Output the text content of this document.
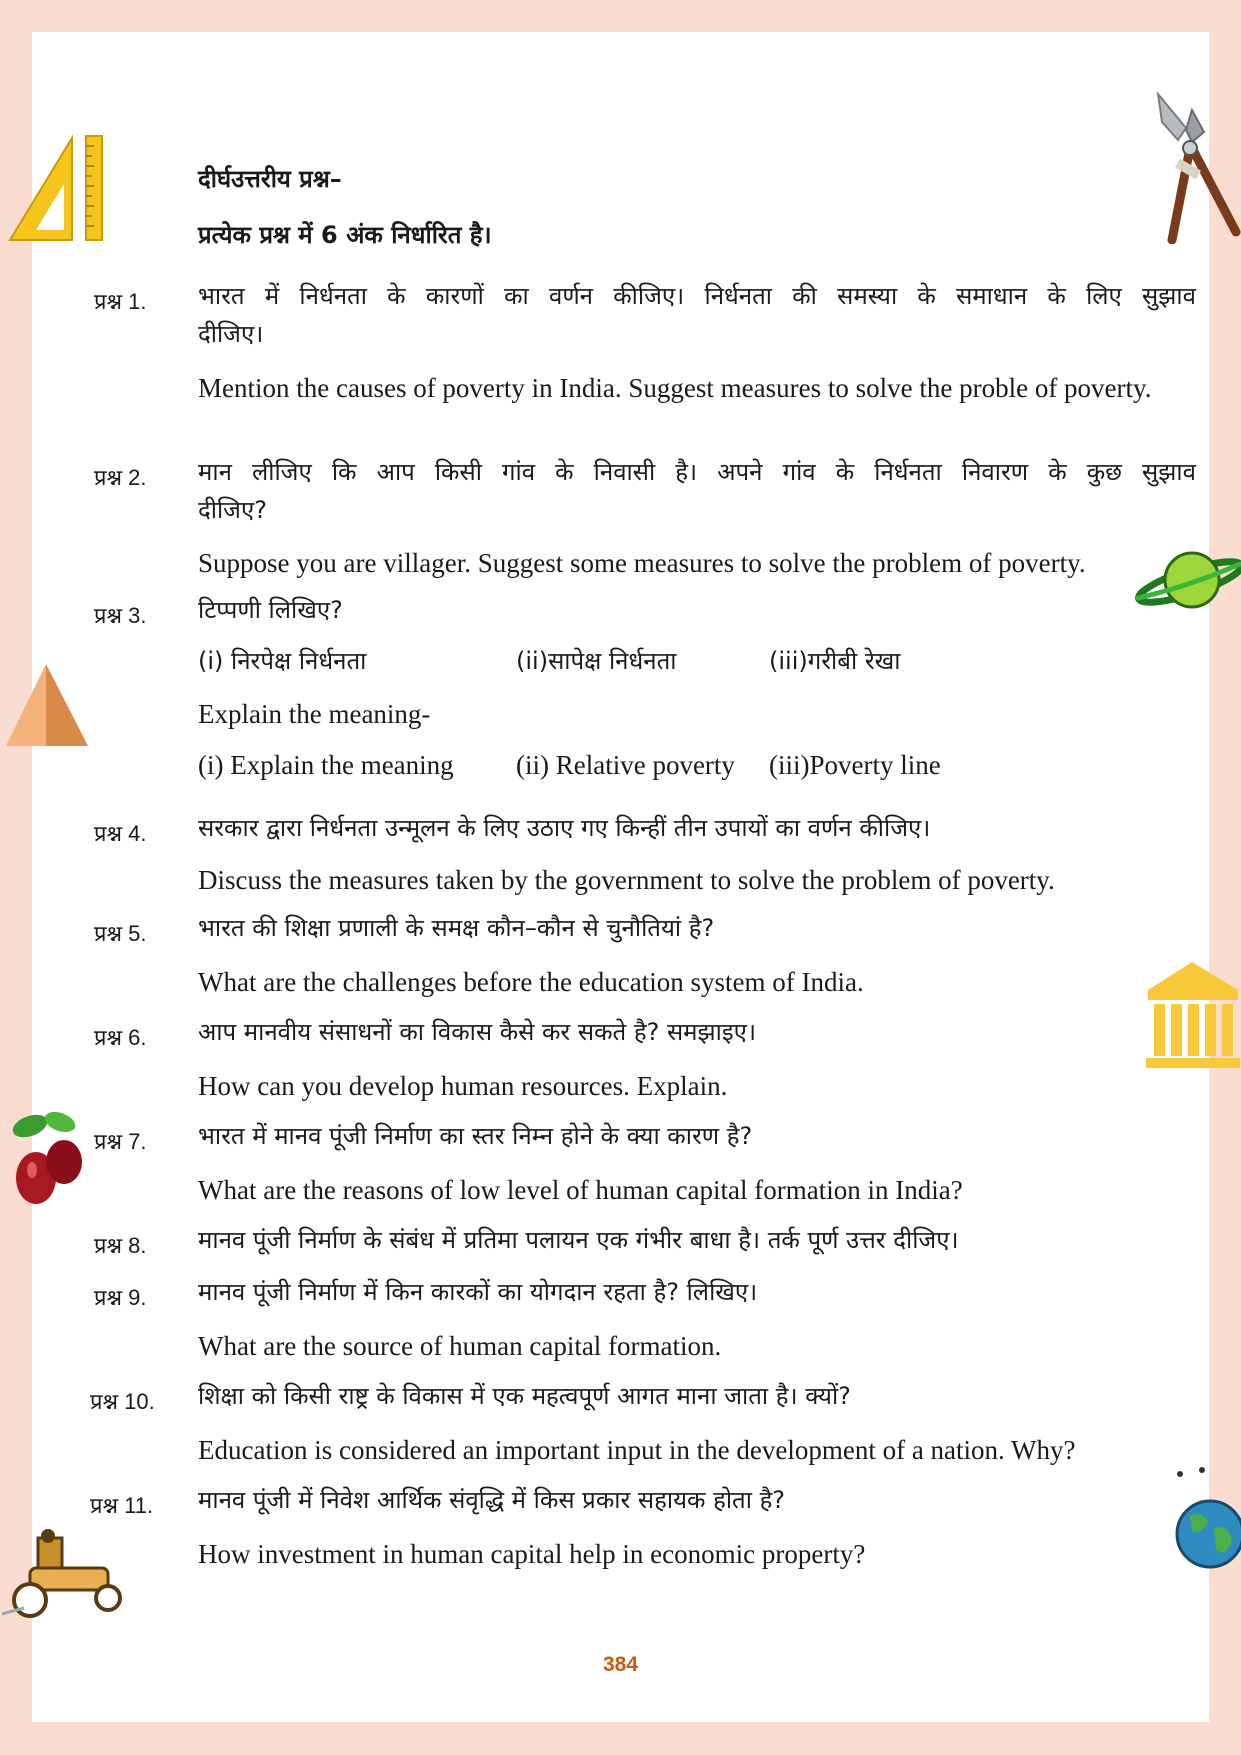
दीर्घउत्तरीय प्रश्न–
प्रत्येक प्रश्न में 6 अंक निर्धारित है।
प्रश्न 1. भारत में निर्धनता के कारणों का वर्णन कीजिए। निर्धनता की समस्या के समाधान के लिए सुझाव
दीजिए।
Mention the causes of poverty in India. Suggest measures to solve the proble of poverty.
प्रश्न 2. मान लीजिए कि आप किसी गांव के निवासी है। अपने गांव के निर्धनता निवारण के कुछ सुझाव
दीजिए?
Suppose you are villager. Suggest some measures to solve the problem of poverty.
प्रश्न 3. टिप्पणी लिखिए?
(i) निरपेक्ष निर्धनता	(ii)सापेक्ष निर्धनता	(iii)गरीबी रेखा
Explain the meaning-
(i) Explain the meaning (ii) Relative poverty (iii)Poverty line
प्रश्न 4. सरकार द्वारा निर्धनता उन्मूलन के लिए उठाए गए किन्हीं तीन उपायों का वर्णन कीजिए।
Discuss the measures taken by the government to solve the problem of poverty.
प्रश्न 5. भारत की शिक्षा प्रणाली के समक्ष कौन–कौन से चुनौतियां है?
What are the challenges before the education system of India.
प्रश्न 6. आप मानवीय संसाधनों का विकास कैसे कर सकते है? समझाइए।
How can you develop human resources. Explain.
प्रश्न 7. भारत में मानव पूंजी निर्माण का स्तर निम्न होने के क्या कारण है?
What are the reasons of low level of human capital formation in India?
प्रश्न 8. मानव पूंजी निर्माण के संबंध में प्रतिमा पलायन एक गंभीर बाधा है। तर्क पूर्ण उत्तर दीजिए।
प्रश्न 9. मानव पूंजी निर्माण में किन कारकों का योगदान रहता है? लिखिए।
What are the source of human capital formation.
प्रश्न 10. शिक्षा को किसी राष्ट्र के विकास में एक महत्वपूर्ण आगत माना जाता है। क्यों?
Education is considered an important input in the development of a nation. Why?
प्रश्न 11. मानव पूंजी में निवेश आर्थिक संवृद्धि में किस प्रकार सहायक होता है?
How investment in human capital help in economic property?
384
